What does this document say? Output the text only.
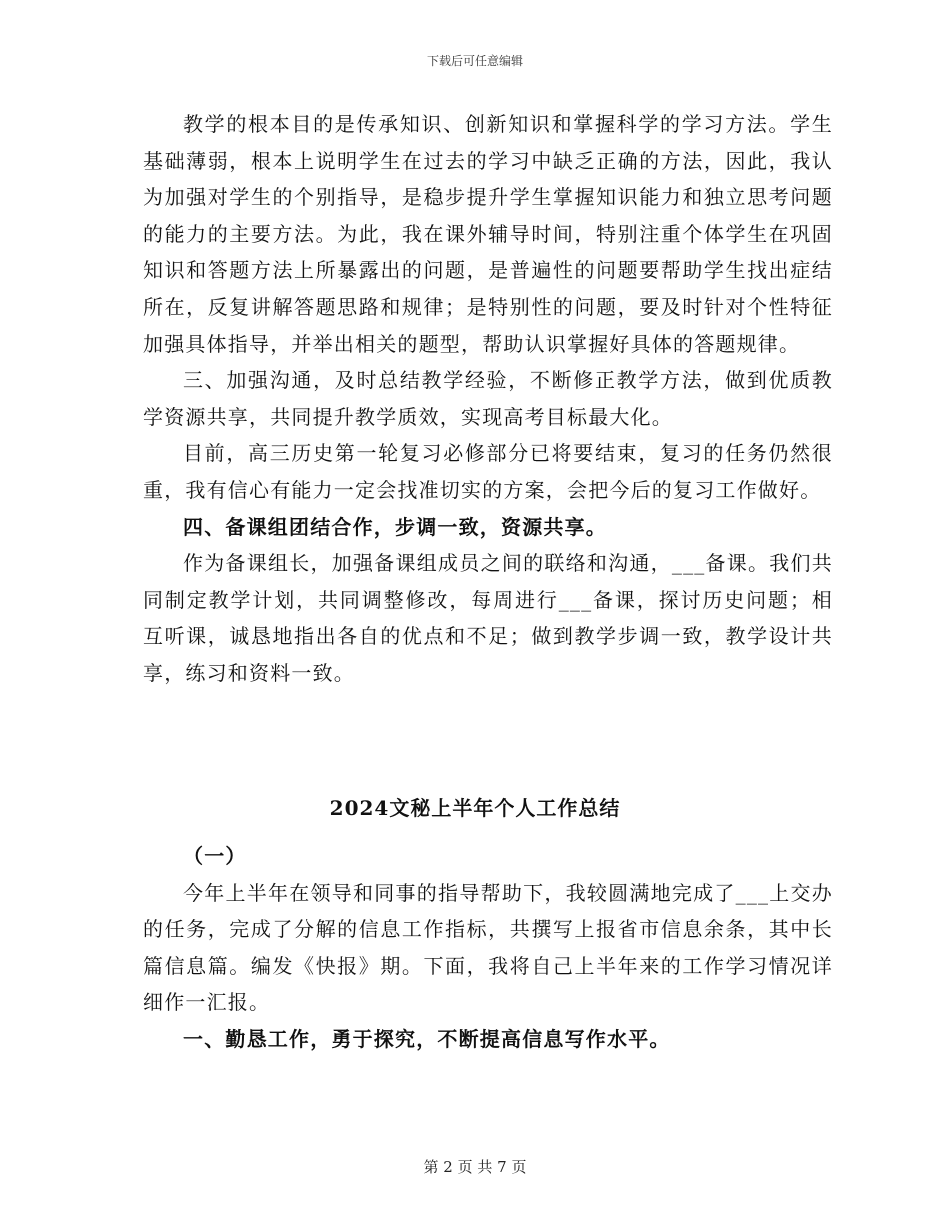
下载后可任意编辑

教学的根本目的是传承知识、创新知识和掌握科学的学习方法。学生基础薄弱，根本上说明学生在过去的学习中缺乏正确的方法，因此，我认为加强对学生的个别指导，是稳步提升学生掌握知识能力和独立思考问题的能力的主要方法。为此，我在课外辅导时间，特别注重个体学生在巩固知识和答题方法上所暴露出的问题，是普遍性的问题要帮助学生找出症结所在，反复讲解答题思路和规律；是特别性的问题，要及时针对个性特征加强具体指导，并举出相关的题型，帮助认识掌握好具体的答题规律。

三、加强沟通，及时总结教学经验，不断修正教学方法，做到优质教学资源共享，共同提升教学质效，实现高考目标最大化。

目前，高三历史第一轮复习必修部分已将要结束，复习的任务仍然很重，我有信心有能力一定会找准切实的方案，会把今后的复习工作做好。

四、备课组团结合作，步调一致，资源共享。

作为备课组长，加强备课组成员之间的联络和沟通，___备课。我们共同制定教学计划，共同调整修改，每周进行___备课，探讨历史问题；相互听课，诚恳地指出各自的优点和不足；做到教学步调一致，教学设计共享，练习和资料一致。

2024文秘上半年个人工作总结

（一）

今年上半年在领导和同事的指导帮助下，我较圆满地完成了___上交办的任务，完成了分解的信息工作指标，共撰写上报省市信息余条，其中长篇信息篇。编发《快报》期。下面，我将自己上半年来的工作学习情况详细作一汇报。

一、勤恳工作，勇于探究，不断提高信息写作水平。

第 2 页 共 7 页
